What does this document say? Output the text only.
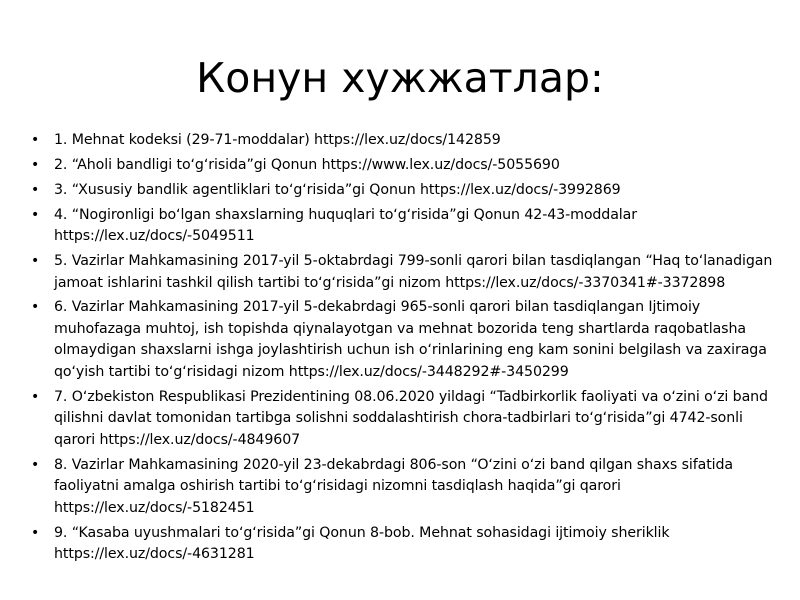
Конун хужжатлар:
• 1. Mehnat kodeksi (29-71-moddalar) https://lex.uz/docs/142859
• 2. “Aholi bandligi toʻgʻrisida”gi Qonun https://www.lex.uz/docs/-5055690
• 3. “Xususiy bandlik agentliklari toʻgʻrisida”gi Qonun https://lex.uz/docs/-3992869
• 4. “Nogironligi boʻlgan shaxslarning huquqlari toʻgʻrisida”gi Qonun 42-43-moddalar https://lex.uz/docs/-5049511
• 5. Vazirlar Mahkamasining 2017-yil 5-oktabrdagi 799-sonli qarori bilan tasdiqlangan “Haq toʻlanadigan jamoat ishlarini tashkil qilish tartibi toʻgʻrisida”gi nizom https://lex.uz/docs/-3370341#-3372898
• 6. Vazirlar Mahkamasining 2017-yil 5-dekabrdagi 965-sonli qarori bilan tasdiqlangan Ijtimoiy muhofazaga muhtoj, ish topishda qiynalayotgan va mehnat bozorida teng shartlarda raqobatlasha olmaydigan shaxslarni ishga joylashtirish uchun ish oʻrinlarining eng kam sonini belgilash va zaxiraga qoʻyish tartibi toʻgʻrisidagi nizom https://lex.uz/docs/-3448292#-3450299
• 7. Oʻzbekiston Respublikasi Prezidentining 08.06.2020 yildagi “Tadbirkorlik faoliyati va oʻzini oʻzi band qilishni davlat tomonidan tartibga solishni soddalashtirish chora-tadbirlari toʻgʻrisida”gi 4742-sonli qarori https://lex.uz/docs/-4849607
• 8. Vazirlar Mahkamasining 2020-yil 23-dekabrdagi 806-son “Oʻzini oʻzi band qilgan shaxs sifatida faoliyatni amalga oshirish tartibi toʻgʻrisidagi nizomni tasdiqlash haqida”gi qarori https://lex.uz/docs/-5182451
• 9. “Kasaba uyushmalari toʻgʻrisida”gi Qonun 8-bob. Mehnat sohasidagi ijtimoiy sheriklik https://lex.uz/docs/-4631281
